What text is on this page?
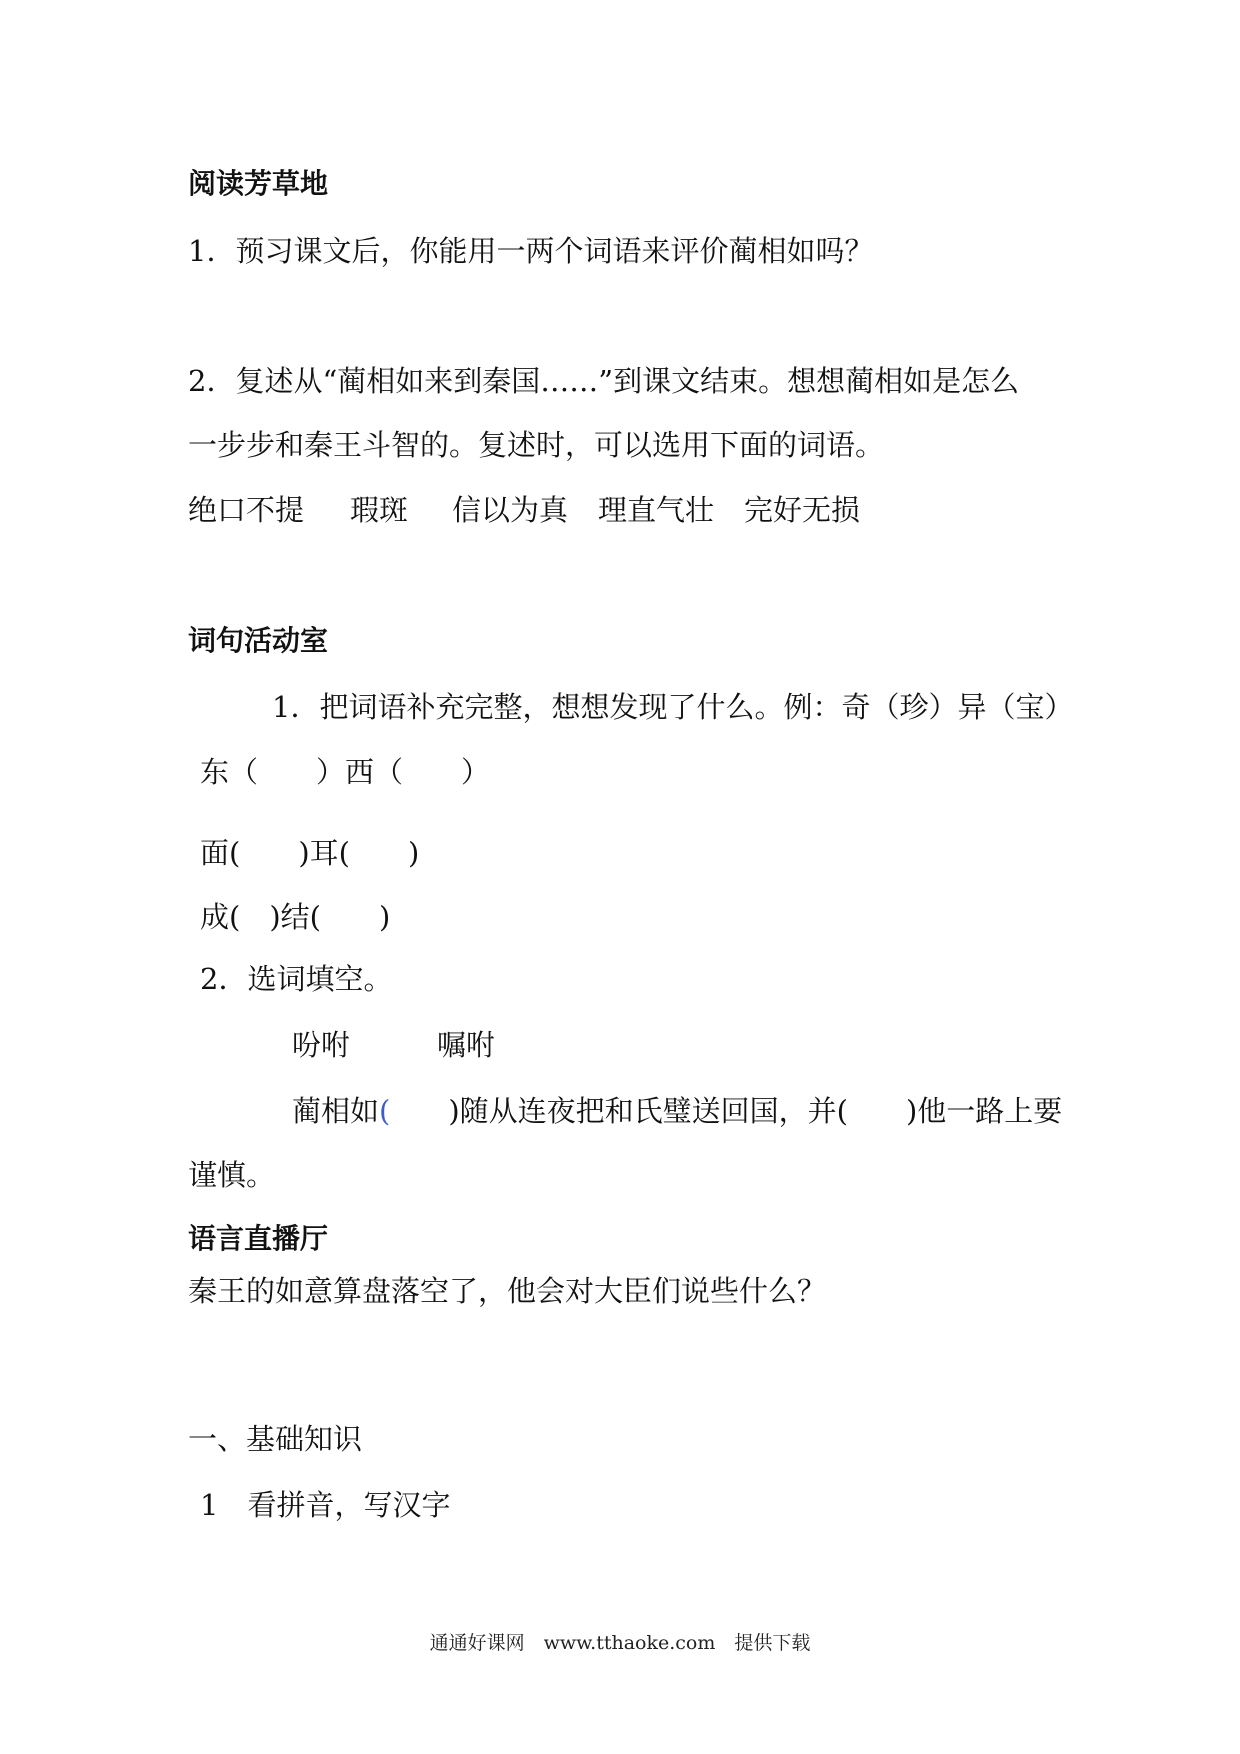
阅读芳草地
1．预习课文后，你能用一两个词语来评价蔺相如吗？
2．复述从“蔺相如来到秦国……”到课文结束。想想蔺相如是怎么
一步步和秦王斗智的。复述时，可以选用下面的词语。
绝口不提 瑕斑 信以为真 理直气壮 完好无损
词句活动室
1．把词语补充完整，想想发现了什么。例：奇（珍）异（宝）
东（　　）西（　　）
面(　　)耳(　　)
成(　)结(　　)
2．选词填空。
吩咐　　　嘱咐
蔺相如(　　)随从连夜把和氏璧送回国，并(　　)他一路上要
谨慎。
语言直播厅
秦王的如意算盘落空了，他会对大臣们说些什么？
一、基础知识
1　看拼音，写汉字
通通好课网　www.tthaoke.com　提供下载
